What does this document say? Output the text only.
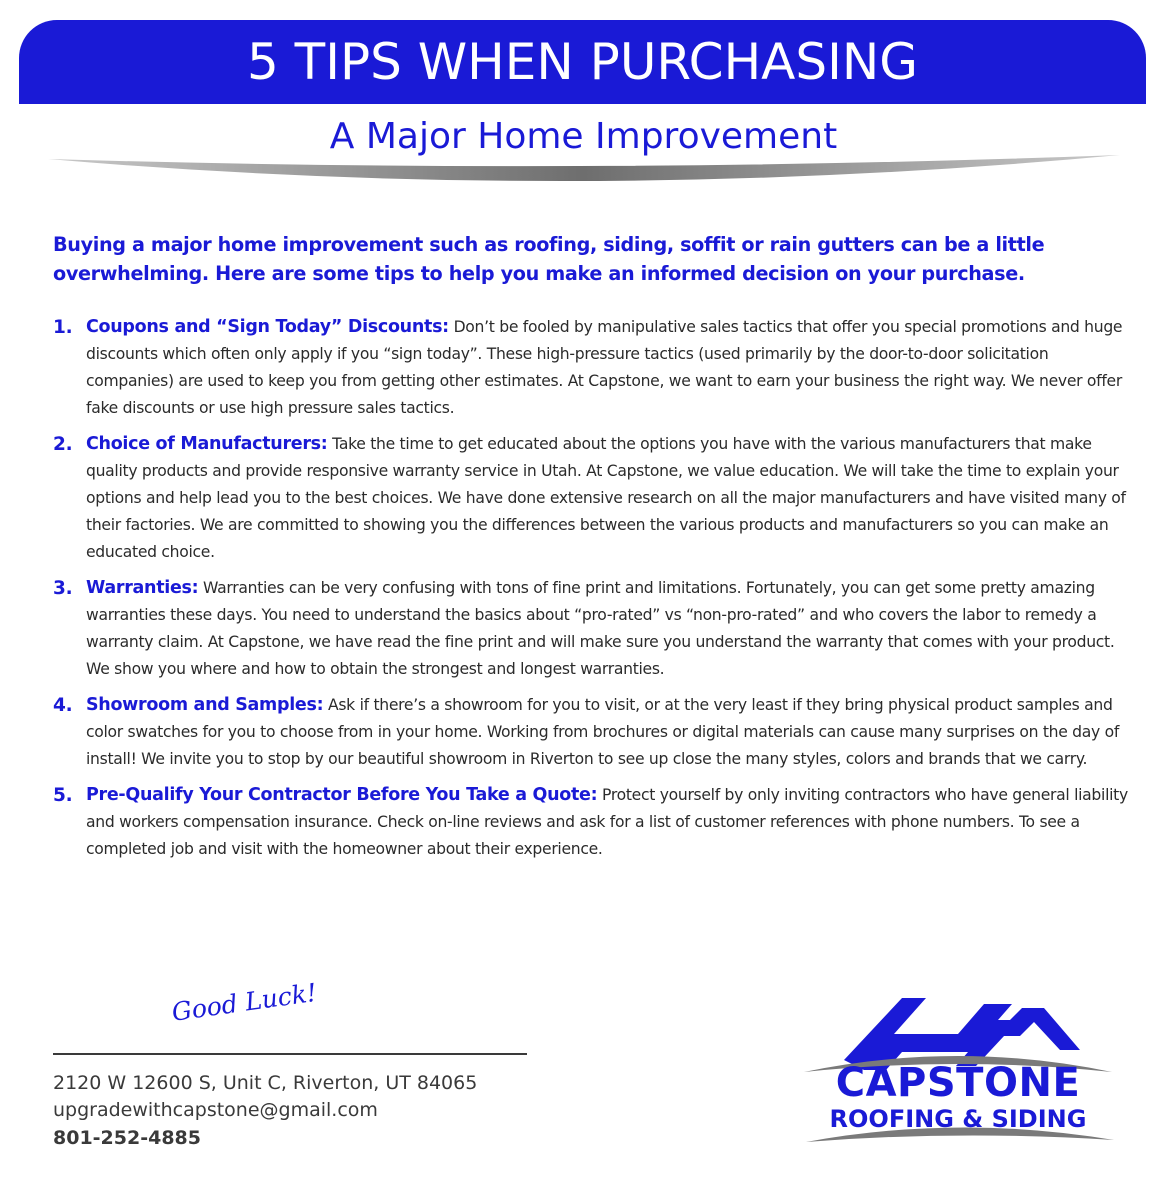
5 TIPS WHEN PURCHASING
A Major Home Improvement

Buying a major home improvement such as roofing, siding, soffit or rain gutters can be a little overwhelming. Here are some tips to help you make an informed decision on your purchase.

1. Coupons and “Sign Today” Discounts: Don’t be fooled by manipulative sales tactics that offer you special promotions and huge discounts which often only apply if you “sign today”. These high-pressure tactics (used primarily by the door-to-door solicitation companies) are used to keep you from getting other estimates. At Capstone, we want to earn your business the right way. We never offer fake discounts or use high pressure sales tactics.
2. Choice of Manufacturers: Take the time to get educated about the options you have with the various manufacturers that make quality products and provide responsive warranty service in Utah. At Capstone, we value education. We will take the time to explain your options and help lead you to the best choices. We have done extensive research on all the major manufacturers and have visited many of their factories. We are committed to showing you the differences between the various products and manufacturers so you can make an educated choice.
3. Warranties: Warranties can be very confusing with tons of fine print and limitations. Fortunately, you can get some pretty amazing warranties these days. You need to understand the basics about “pro-rated” vs “non-pro-rated” and who covers the labor to remedy a warranty claim. At Capstone, we have read the fine print and will make sure you understand the warranty that comes with your product. We show you where and how to obtain the strongest and longest warranties.
4. Showroom and Samples: Ask if there’s a showroom for you to visit, or at the very least if they bring physical product samples and color swatches for you to choose from in your home. Working from brochures or digital materials can cause many surprises on the day of install! We invite you to stop by our beautiful showroom in Riverton to see up close the many styles, colors and brands that we carry.
5. Pre-Qualify Your Contractor Before You Take a Quote: Protect yourself by only inviting contractors who have general liability and workers compensation insurance. Check on-line reviews and ask for a list of customer references with phone numbers. To see a completed job and visit with the homeowner about their experience.
Good Luck!
2120 W 12600 S, Unit C, Riverton, UT 84065
upgradewithcapstone@gmail.com
801-252-4885
CAPSTONE
ROOFING & SIDING
